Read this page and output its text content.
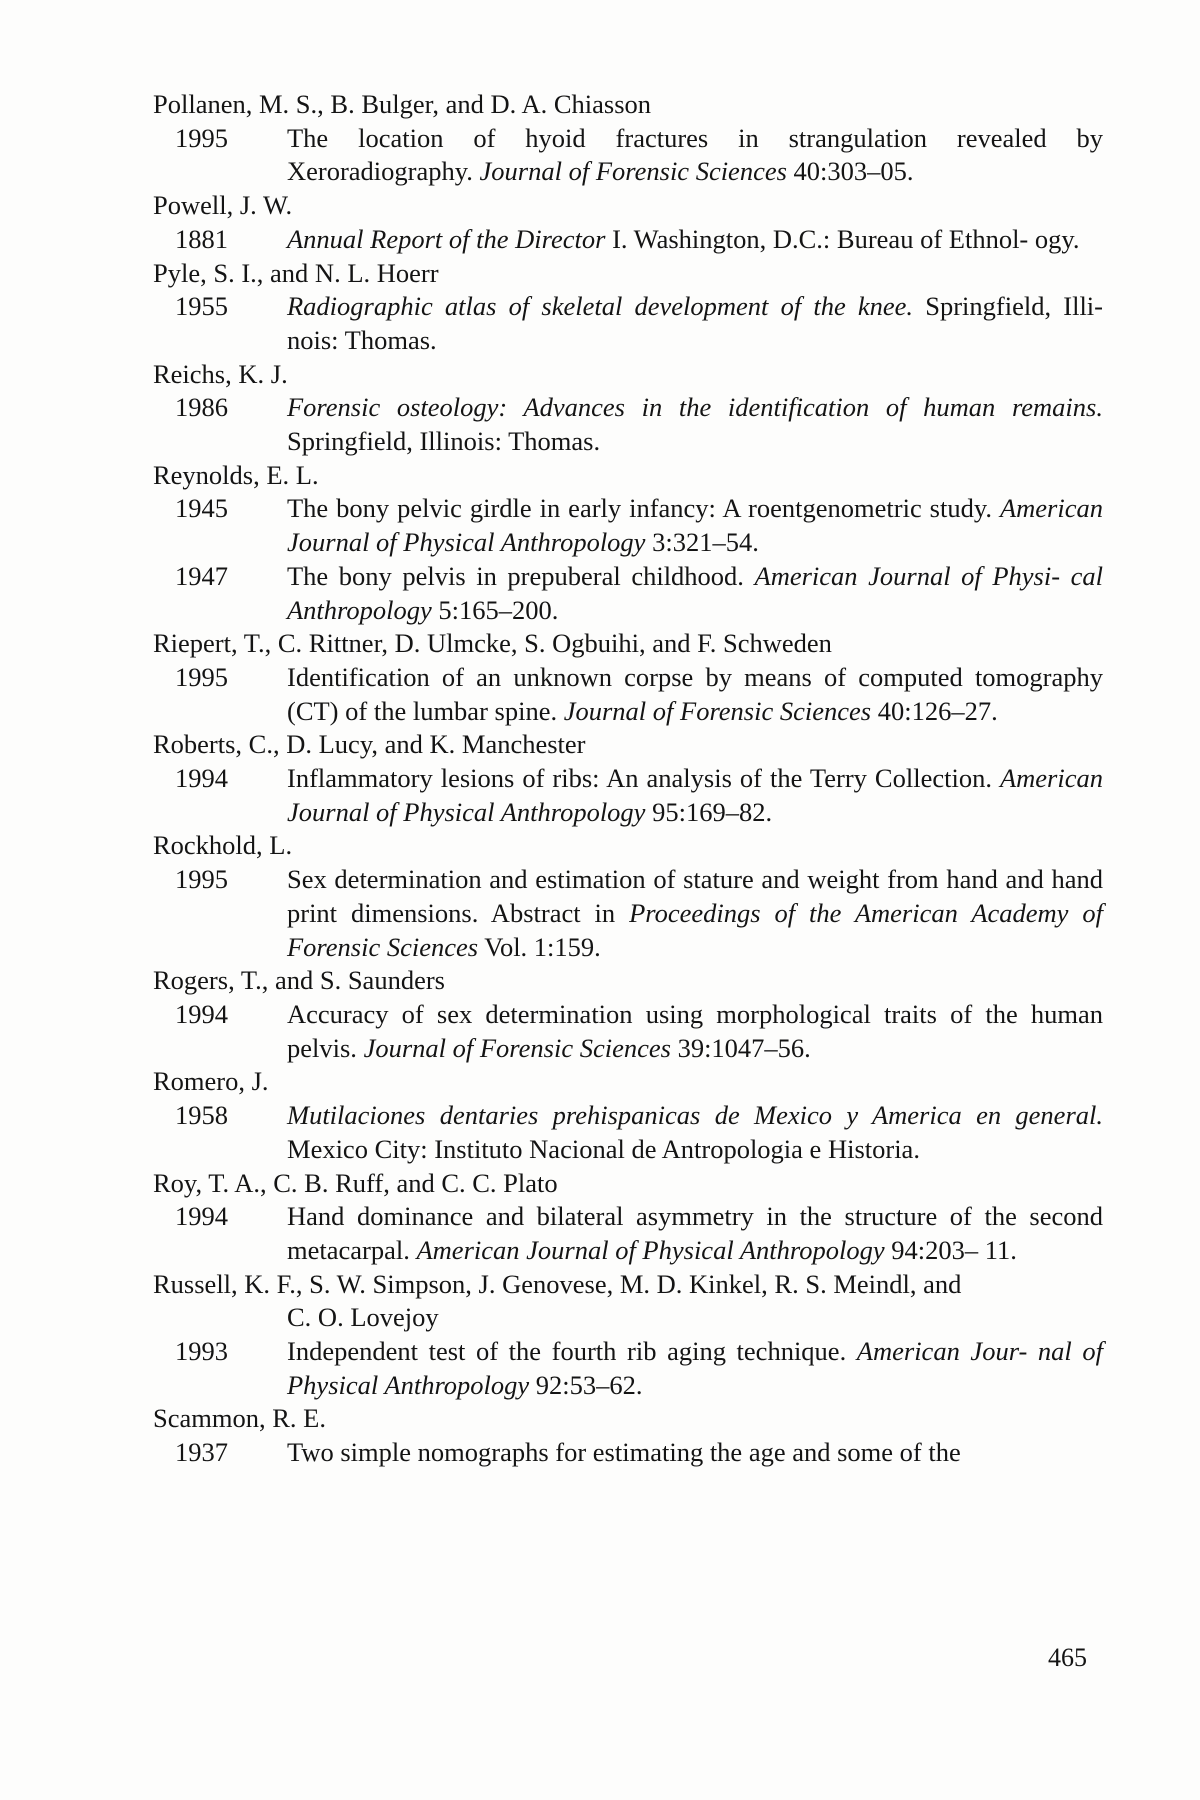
Pollanen, M. S., B. Bulger, and D. A. Chiasson
1995 The location of hyoid fractures in strangulation revealed by Xeroradiography. Journal of Forensic Sciences 40:303–05.
Powell, J. W.
1881 Annual Report of the Director I. Washington, D.C.: Bureau of Ethnol- ogy.
Pyle, S. I., and N. L. Hoerr
1955 Radiographic atlas of skeletal development of the knee. Springfield, Illi- nois: Thomas.
Reichs, K. J.
1986 Forensic osteology: Advances in the identification of human remains. Springfield, Illinois: Thomas.
Reynolds, E. L.
1945 The bony pelvic girdle in early infancy: A roentgenometric study. American Journal of Physical Anthropology 3:321–54.
1947 The bony pelvis in prepuberal childhood. American Journal of Physi- cal Anthropology 5:165–200.
Riepert, T., C. Rittner, D. Ulmcke, S. Ogbuihi, and F. Schweden
1995 Identification of an unknown corpse by means of computed tomography (CT) of the lumbar spine. Journal of Forensic Sciences 40:126–27.
Roberts, C., D. Lucy, and K. Manchester
1994 Inflammatory lesions of ribs: An analysis of the Terry Collection. American Journal of Physical Anthropology 95:169–82.
Rockhold, L.
1995 Sex determination and estimation of stature and weight from hand and hand print dimensions. Abstract in Proceedings of the American Academy of Forensic Sciences Vol. 1:159.
Rogers, T., and S. Saunders
1994 Accuracy of sex determination using morphological traits of the human pelvis. Journal of Forensic Sciences 39:1047–56.
Romero, J.
1958 Mutilaciones dentaries prehispanicas de Mexico y America en general. Mexico City: Instituto Nacional de Antropologia e Historia.
Roy, T. A., C. B. Ruff, and C. C. Plato
1994 Hand dominance and bilateral asymmetry in the structure of the second metacarpal. American Journal of Physical Anthropology 94:203– 11.
Russell, K. F., S. W. Simpson, J. Genovese, M. D. Kinkel, R. S. Meindl, and
C. O. Lovejoy
1993 Independent test of the fourth rib aging technique. American Jour- nal of Physical Anthropology 92:53–62.
Scammon, R. E.
1937 Two simple nomographs for estimating the age and some of the
465
